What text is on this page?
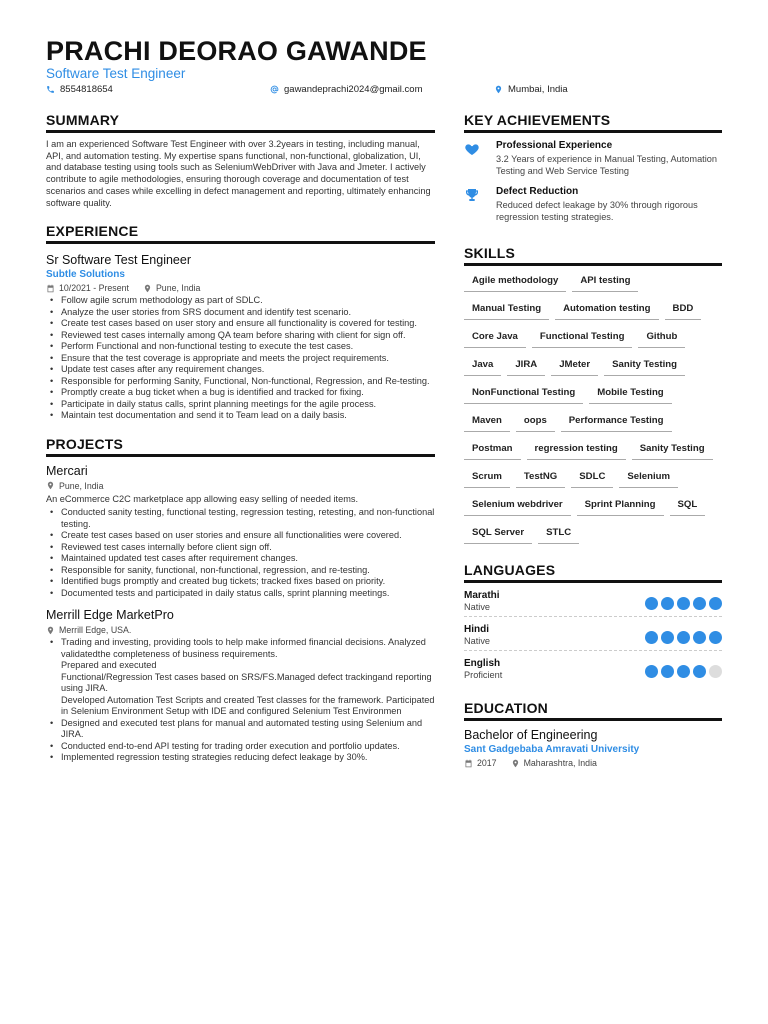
PRACHI DEORAO GAWANDE
Software Test Engineer
8554818654	gawandeprachi2024@gmail.com	Mumbai, India
SUMMARY
I am an experienced Software Test Engineer with over 3.2years in testing, including manual, API, and automation testing. My expertise spans functional, non-functional, globalization, UI, and database testing using tools such as SeleniumWebDriver with Java and Jmeter. I actively contribute to agile methodologies, ensuring thorough coverage and documentation of test scenarios and cases while excelling in defect management and reporting, ultimately enhancing software quality.
EXPERIENCE
Sr Software Test Engineer
Subtle Solutions
10/2021 - Present	Pune, India
• Follow agile scrum methodology as part of SDLC.
• Analyze the user stories from SRS document and identify test scenario.
• Create test cases based on user story and ensure all functionality is covered for testing.
• Reviewed test cases internally among QA team before sharing with client for sign off.
• Perform Functional and non-functional testing to execute the test cases.
• Ensure that the test coverage is appropriate and meets the project requirements.
• Update test cases after any requirement changes.
• Responsible for performing Sanity, Functional, Non-functional, Regression, and Re-testing.
• Promptly create a bug ticket when a bug is identified and tracked for fixing.
• Participate in daily status calls, sprint planning meetings for the agile process.
• Maintain test documentation and send it to Team lead on a daily basis.
PROJECTS
Mercari
Pune, India
An eCommerce C2C marketplace app allowing easy selling of needed items.
• Conducted sanity testing, functional testing, regression testing, retesting, and non-functional testing.
• Create test cases based on user stories and ensure all functionalities were covered.
• Reviewed test cases internally before client sign off.
• Maintained updated test cases after requirement changes.
• Responsible for sanity, functional, non-functional, regression, and re-testing.
• Identified bugs promptly and created bug tickets; tracked fixes based on priority.
• Documented tests and participated in daily status calls, sprint planning meetings.
Merrill Edge MarketPro
Merrill Edge, USA.
• Trading and investing, providing tools to help make informed financial decisions. Analyzed validatedthe completeness of business requirements.
Prepared and executed
Functional/Regression Test cases based on SRS/FS.Managed defect trackingand reporting using JIRA.
Developed Automation Test Scripts and created Test classes for the framework. Participated in Selenium Environment Setup with IDE and configured Selenium Test Environmen
• Designed and executed test plans for manual and automated testing using Selenium and JIRA.
• Conducted end-to-end API testing for trading order execution and portfolio updates.
• Implemented regression testing strategies reducing defect leakage by 30%.
KEY ACHIEVEMENTS
Professional Experience
3.2 Years of experience in Manual Testing, Automation Testing and Web Service Testing
Defect Reduction
Reduced defect leakage by 30% through rigorous regression testing strategies.
SKILLS
Agile methodology	API testing
Manual Testing	Automation testing	BDD
Core Java	Functional Testing	Github
Java	JIRA	JMeter	Sanity Testing
NonFunctional Testing	Mobile Testing
Maven	oops	Performance Testing
Postman	regression testing	Sanity Testing
Scrum	TestNG	SDLC	Selenium
Selenium webdriver	Sprint Planning	SQL
SQL Server	STLC
LANGUAGES
Marathi
Native
Hindi
Native
English
Proficient
EDUCATION
Bachelor of Engineering
Sant Gadgebaba Amravati University
2017	Maharashtra, India
